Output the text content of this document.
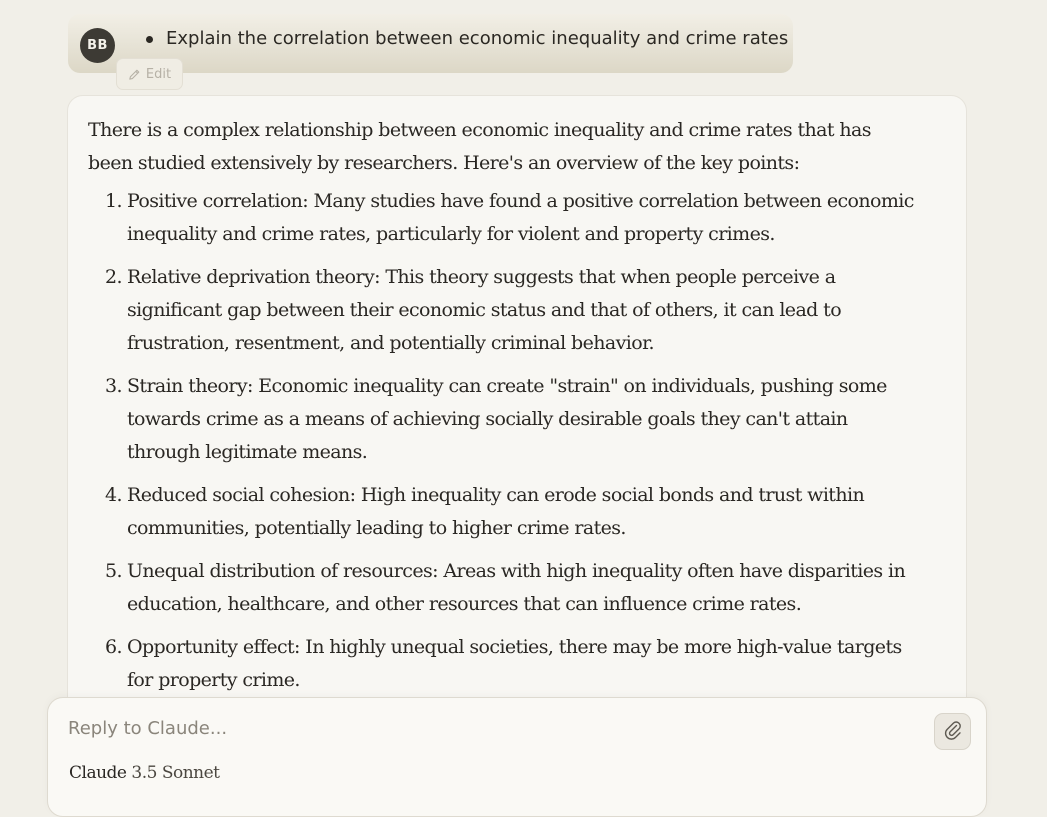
BB	Explain the correlation between economic inequality and crime rates
Edit

There is a complex relationship between economic inequality and crime rates that has been studied extensively by researchers. Here's an overview of the key points:

1. Positive correlation: Many studies have found a positive correlation between economic inequality and crime rates, particularly for violent and property crimes.
2. Relative deprivation theory: This theory suggests that when people perceive a significant gap between their economic status and that of others, it can lead to frustration, resentment, and potentially criminal behavior.
3. Strain theory: Economic inequality can create "strain" on individuals, pushing some towards crime as a means of achieving socially desirable goals they can't attain through legitimate means.
4. Reduced social cohesion: High inequality can erode social bonds and trust within communities, potentially leading to higher crime rates.
5. Unequal distribution of resources: Areas with high inequality often have disparities in education, healthcare, and other resources that can influence crime rates.
6. Opportunity effect: In highly unequal societies, there may be more high-value targets for property crime.
Reply to Claude...
Claude 3.5 Sonnet
